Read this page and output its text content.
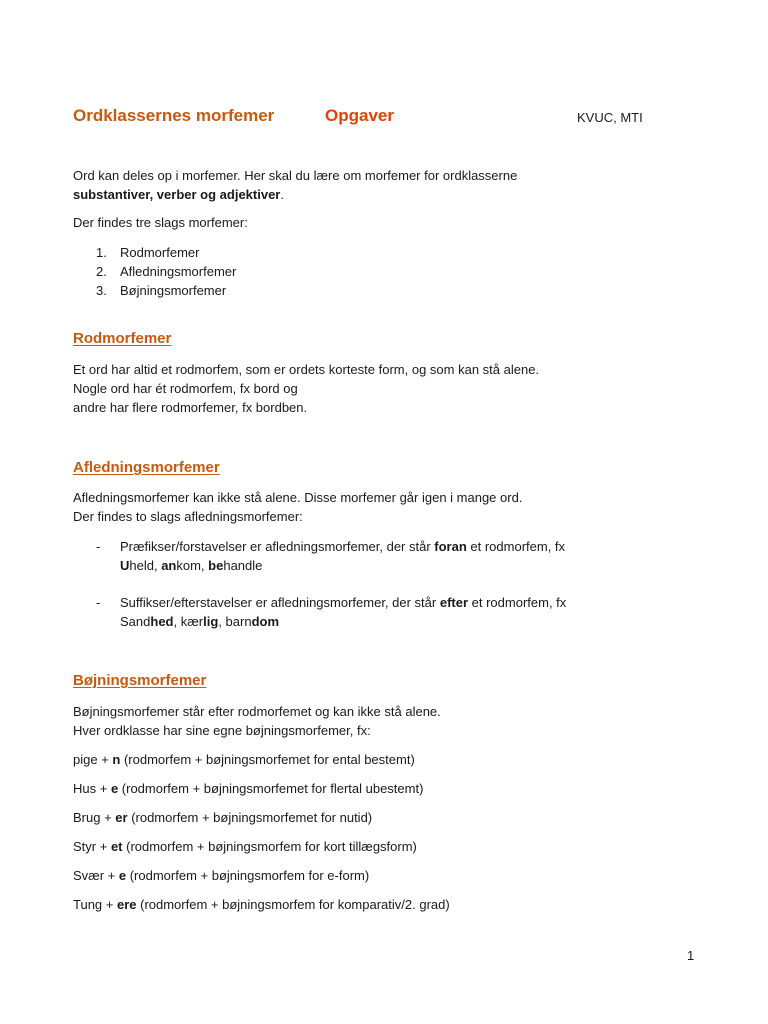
Ordklassernes morfemer	Opgaver	KVUC, MTI
Ord kan deles op i morfemer. Her skal du lære om morfemer for ordklasserne
substantiver, verber og adjektiver.
Der findes tre slags morfemer:
1. Rodmorfemer
2. Afledningsmorfemer
3. Bøjningsmorfemer
Rodmorfemer
Et ord har altid et rodmorfem, som er ordets korteste form, og som kan stå alene.
Nogle ord har ét rodmorfem, fx bord og
andre har flere rodmorfemer, fx bordben.
Afledningsmorfemer
Afledningsmorfemer kan ikke stå alene. Disse morfemer går igen i mange ord.
Der findes to slags afledningsmorfemer:
- Præfikser/forstavelser er afledningsmorfemer, der står foran et rodmorfem, fx
Uheld, ankom, behandle
- Suffikser/efterstavelser er afledningsmorfemer, der står efter et rodmorfem, fx
Sandhed, kærlig, barndom
Bøjningsmorfemer
Bøjningsmorfemer står efter rodmorfemet og kan ikke stå alene.
Hver ordklasse har sine egne bøjningsmorfemer, fx:
pige + n (rodmorfem + bøjningsmorfemet for ental bestemt)
Hus + e (rodmorfem + bøjningsmorfemet for flertal ubestemt)
Brug + er (rodmorfem + bøjningsmorfemet for nutid)
Styr + et (rodmorfem + bøjningsmorfem for kort tillægsform)
Svær + e (rodmorfem + bøjningsmorfem for e-form)
Tung + ere (rodmorfem + bøjningsmorfem for komparativ/2. grad)
1
